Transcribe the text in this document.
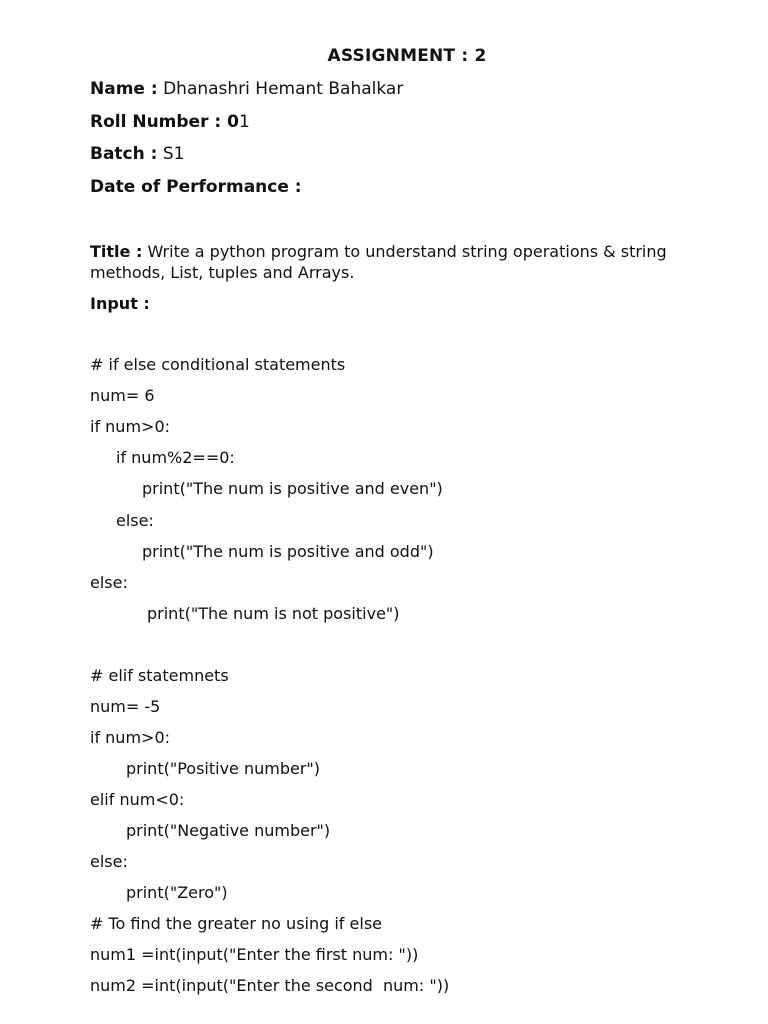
ASSIGNMENT : 2
Name : Dhanashri Hemant Bahalkar
Roll Number : 01
Batch : S1
Date of Performance :
Title : Write a python program to understand string operations & string methods, List, tuples and Arrays.
Input :
# if else conditional statements
num= 6
if num>0:
if num%2==0:
print("The num is positive and even")
else:
print("The num is positive and odd")
else:
print("The num is not positive")
# elif statemnets
num= -5
if num>0:
print("Positive number")
elif num<0:
print("Negative number")
else:
print("Zero")
# To find the greater no using if else
num1 =int(input("Enter the first num: "))
num2 =int(input("Enter the second  num: "))
